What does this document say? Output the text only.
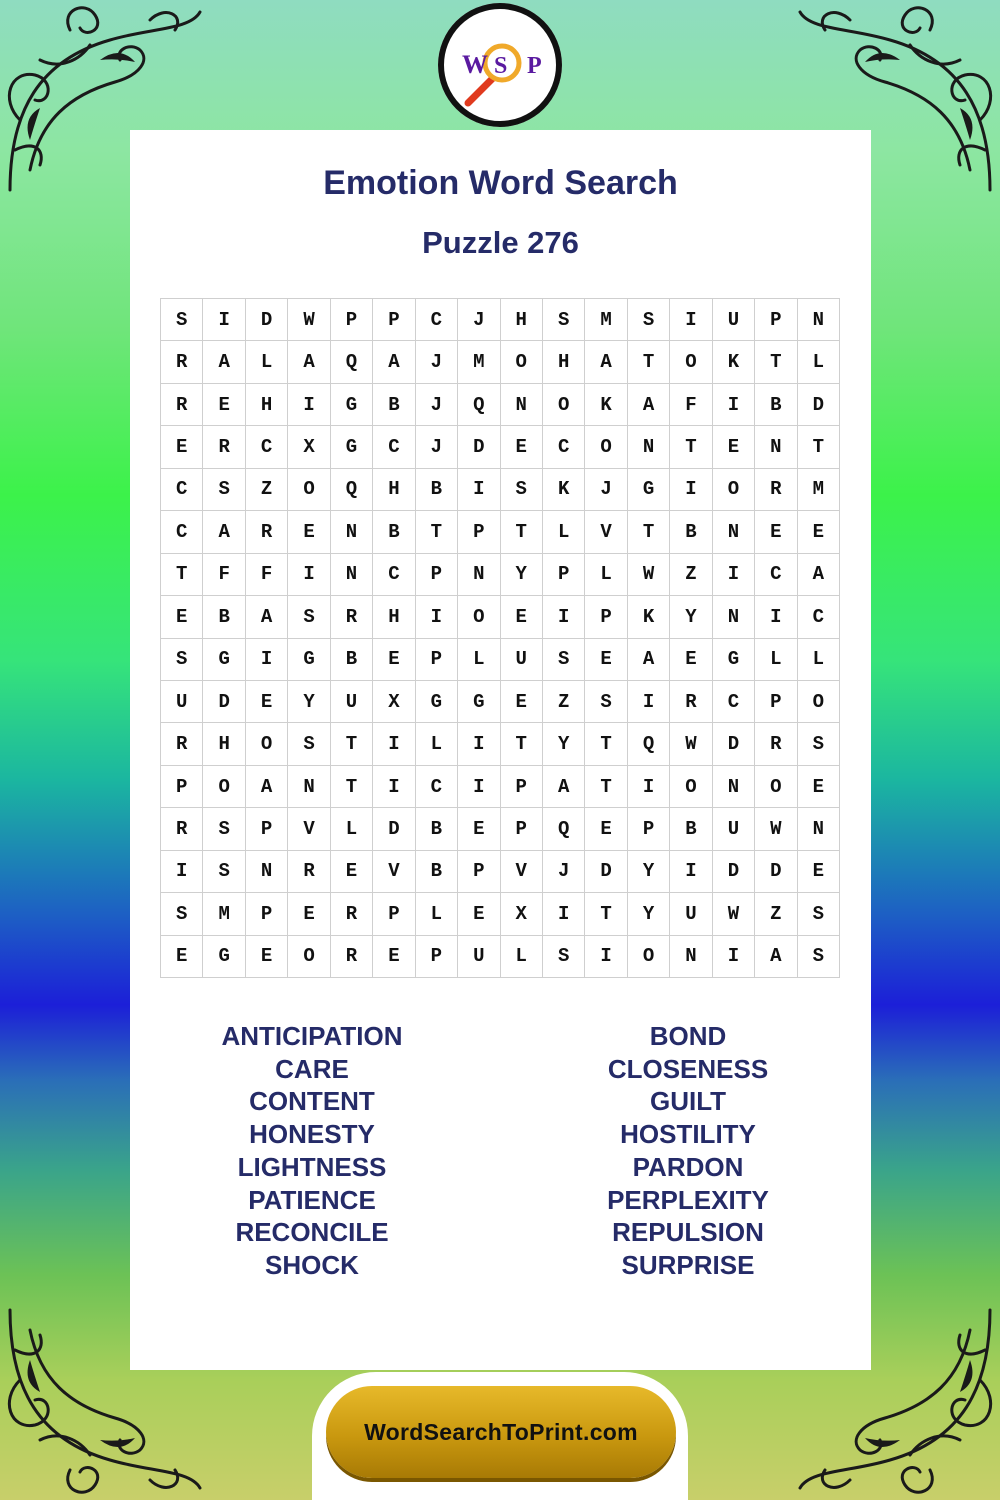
W S P
Emotion Word Search
Puzzle 276
S	I	D	W	P	P	C	J	H	S	M	S	I	U	P	N
R	A	L	A	Q	A	J	M	O	H	A	T	O	K	T	L
R	E	H	I	G	B	J	Q	N	O	K	A	F	I	B	D
E	R	C	X	G	C	J	D	E	C	O	N	T	E	N	T
C	S	Z	O	Q	H	B	I	S	K	J	G	I	O	R	M
C	A	R	E	N	B	T	P	T	L	V	T	B	N	E	E
T	F	F	I	N	C	P	N	Y	P	L	W	Z	I	C	A
E	B	A	S	R	H	I	O	E	I	P	K	Y	N	I	C
S	G	I	G	B	E	P	L	U	S	E	A	E	G	L	L
U	D	E	Y	U	X	G	G	E	Z	S	I	R	C	P	O
R	H	O	S	T	I	L	I	T	Y	T	Q	W	D	R	S
P	O	A	N	T	I	C	I	P	A	T	I	O	N	O	E
R	S	P	V	L	D	B	E	P	Q	E	P	B	U	W	N
I	S	N	R	E	V	B	P	V	J	D	Y	I	D	D	E
S	M	P	E	R	P	L	E	X	I	T	Y	U	W	Z	S
E	G	E	O	R	E	P	U	L	S	I	O	N	I	A	S
ANTICIPATION
CARE
CONTENT
HONESTY
LIGHTNESS
PATIENCE
RECONCILE
SHOCK
BOND
CLOSENESS
GUILT
HOSTILITY
PARDON
PERPLEXITY
REPULSION
SURPRISE
WordSearchToPrint.com
